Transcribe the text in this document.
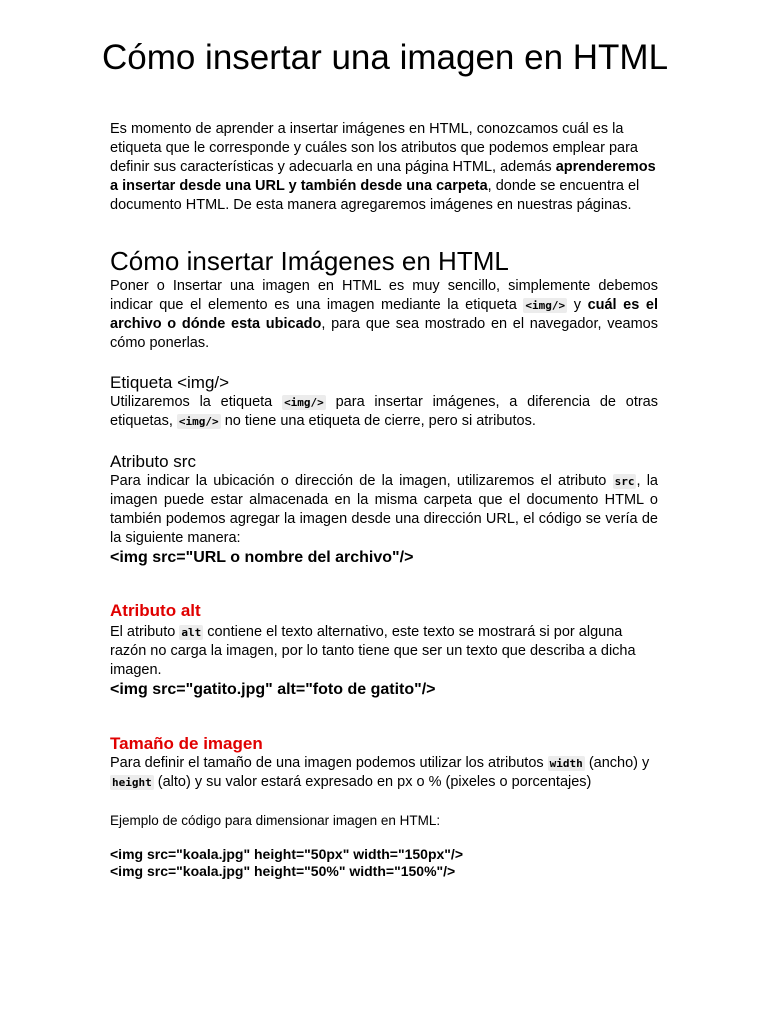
Cómo insertar una imagen en HTML

Es momento de aprender a insertar imágenes en HTML, conozcamos cuál es la etiqueta que le corresponde y cuáles son los atributos que podemos emplear para definir sus características y adecuarla en una página HTML, además aprenderemos a insertar desde una URL y también desde una carpeta, donde se encuentra el documento HTML. De esta manera agregaremos imágenes en nuestras páginas.

Cómo insertar Imágenes en HTML

Poner o Insertar una imagen en HTML es muy sencillo, simplemente debemos indicar que el elemento es una imagen mediante la etiqueta <img/> y cuál es el archivo o dónde esta ubicado, para que sea mostrado en el navegador, veamos cómo ponerlas.

Etiqueta <img/>

Utilizaremos la etiqueta <img/> para insertar imágenes, a diferencia de otras etiquetas, <img/> no tiene una etiqueta de cierre, pero si atributos.

Atributo src

Para indicar la ubicación o dirección de la imagen, utilizaremos el atributo src , la imagen puede estar almacenada en la misma carpeta que el documento HTML o también podemos agregar la imagen desde una dirección URL, el código se vería de la siguiente manera:

<img src="URL o nombre del archivo"/>

Atributo alt

El atributo alt contiene el texto alternativo, este texto se mostrará si por alguna razón no carga la imagen, por lo tanto tiene que ser un texto que describa a dicha imagen.

<img src="gatito.jpg" alt="foto de gatito"/>

Tamaño de imagen

Para definir el tamaño de una imagen podemos utilizar los atributos width (ancho) y height (alto) y su valor estará expresado en px o % (pixeles o porcentajes)

Ejemplo de código para dimensionar imagen en HTML:

<img src="koala.jpg" height="50px" width="150px"/>

<img src="koala.jpg" height="50%" width="150%"/>
